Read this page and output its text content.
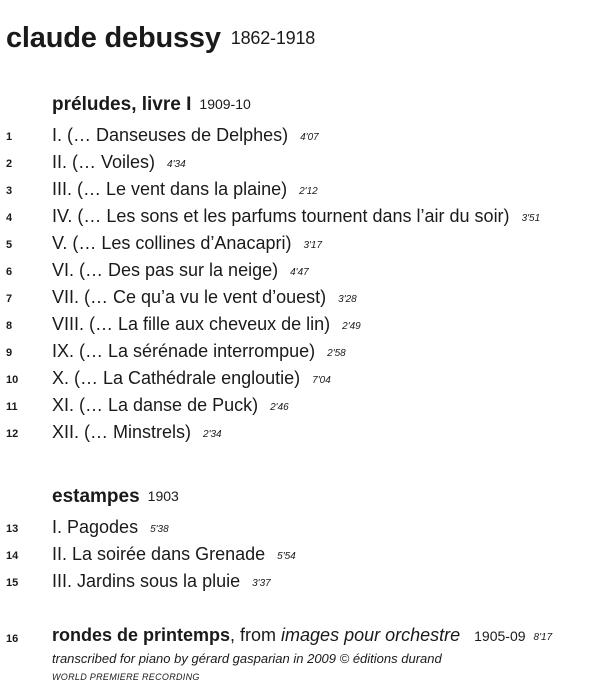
claude debussy 1862-1918
préludes, livre I 1909-10
1 I. (… Danseuses de Delphes) 4'07
2 II. (… Voiles) 4'34
3 III. (… Le vent dans la plaine) 2'12
4 IV. (… Les sons et les parfums tournent dans l’air du soir) 3'51
5 V. (… Les collines d’Anacapri) 3'17
6 VI. (… Des pas sur la neige) 4'47
7 VII. (… Ce qu’a vu le vent d’ouest) 3'28
8 VIII. (… La fille aux cheveux de lin) 2'49
9 IX. (… La sérénade interrompue) 2'58
10 X. (… La Cathédrale engloutie) 7'04
11 XI. (… La danse de Puck) 2'46
12 XII. (… Minstrels) 2'34
estampes 1903
13 I. Pagodes 5'38
14 II. La soirée dans Grenade 5'54
15 III. Jardins sous la pluie 3'37
16 rondes de printemps, from images pour orchestre 1905-09 8'17
transcribed for piano by gérard gasparian in 2009 © éditions durand
WORLD PREMIERE RECORDING
